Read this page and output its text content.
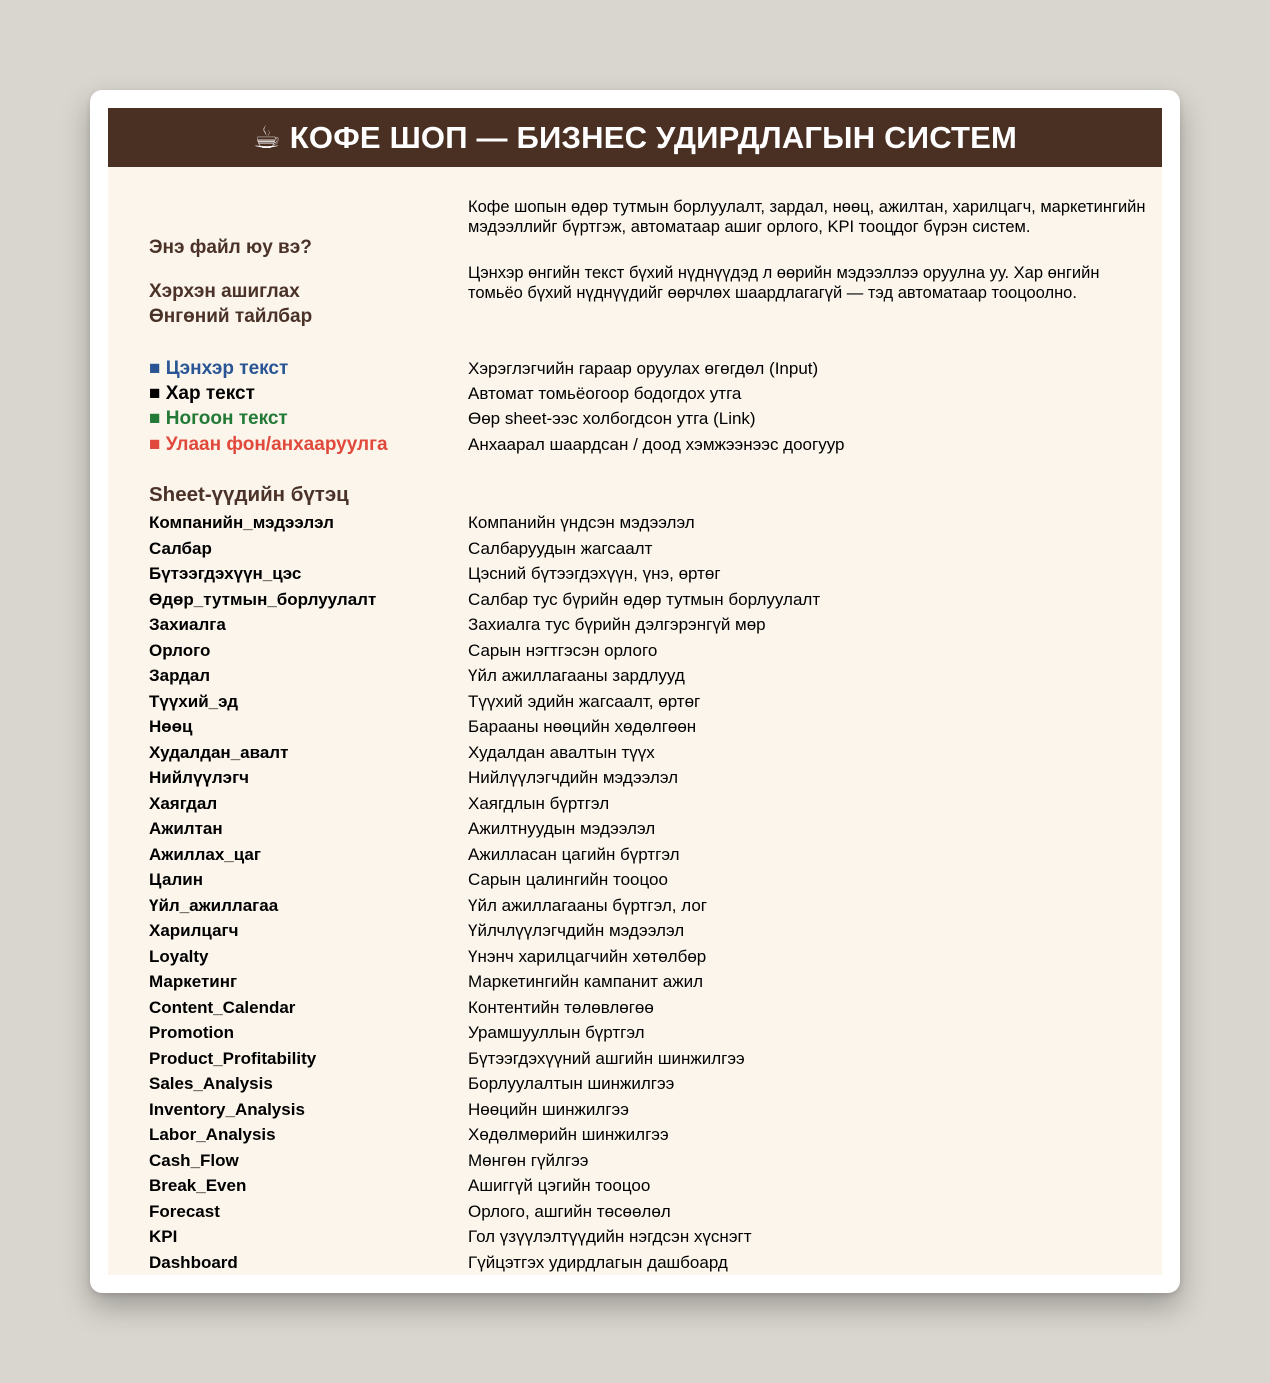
☕ КОФЕ ШОП — БИЗНЕС УДИРДЛАГЫН СИСТЕМ
Кофе шопын өдөр тутмын борлуулалт, зардал, нөөц, ажилтан, харилцагч, маркетингийн мэдээллийг бүртгэж, автоматаар ашиг орлого, KPI тооцдог бүрэн систем.
Энэ файл юу вэ?
Цэнхэр өнгийн текст бүхий нүднүүдэд л өөрийн мэдээллээ оруулна уу. Хар өнгийн томьёо бүхий нүднүүдийг өөрчлөх шаардлагагүй — тэд автоматаар тооцоолно.
Хэрхэн ашиглах
Өнгөний тайлбар
■ Цэнхэр текст	Хэрэглэгчийн гараар оруулах өгөгдөл (Input)
■ Хар текст	Автомат томьёогоор бодогдох утга
■ Ногоон текст	Өөр sheet-ээс холбогдсон утга (Link)
■ Улаан фон/анхааруулга	Анхаарал шаардсан / доод хэмжээнээс доогуур
Sheet-үүдийн бүтэц
Компанийн_мэдээлэл	Компанийн үндсэн мэдээлэл
Салбар	Салбаруудын жагсаалт
Бүтээгдэхүүн_цэс	Цэсний бүтээгдэхүүн, үнэ, өртөг
Өдөр_тутмын_борлуулалт	Салбар тус бүрийн өдөр тутмын борлуулалт
Захиалга	Захиалга тус бүрийн дэлгэрэнгүй мөр
Орлого	Сарын нэгтгэсэн орлого
Зардал	Үйл ажиллагааны зардлууд
Түүхий_эд	Түүхий эдийн жагсаалт, өртөг
Нөөц	Барааны нөөцийн хөдөлгөөн
Худалдан_авалт	Худалдан авалтын түүх
Нийлүүлэгч	Нийлүүлэгчдийн мэдээлэл
Хаягдал	Хаягдлын бүртгэл
Ажилтан	Ажилтнуудын мэдээлэл
Ажиллах_цаг	Ажилласан цагийн бүртгэл
Цалин	Сарын цалингийн тооцоо
Үйл_ажиллагаа	Үйл ажиллагааны бүртгэл, лог
Харилцагч	Үйлчлүүлэгчдийн мэдээлэл
Loyalty	Үнэнч харилцагчийн хөтөлбөр
Маркетинг	Маркетингийн кампанит ажил
Content_Calendar	Контентийн төлөвлөгөө
Promotion	Урамшууллын бүртгэл
Product_Profitability	Бүтээгдэхүүний ашгийн шинжилгээ
Sales_Analysis	Борлуулалтын шинжилгээ
Inventory_Analysis	Нөөцийн шинжилгээ
Labor_Analysis	Хөдөлмөрийн шинжилгээ
Cash_Flow	Мөнгөн гүйлгээ
Break_Even	Ашиггүй цэгийн тооцоо
Forecast	Орлого, ашгийн төсөөлөл
KPI	Гол үзүүлэлтүүдийн нэгдсэн хүснэгт
Dashboard	Гүйцэтгэх удирдлагын дашбоард
